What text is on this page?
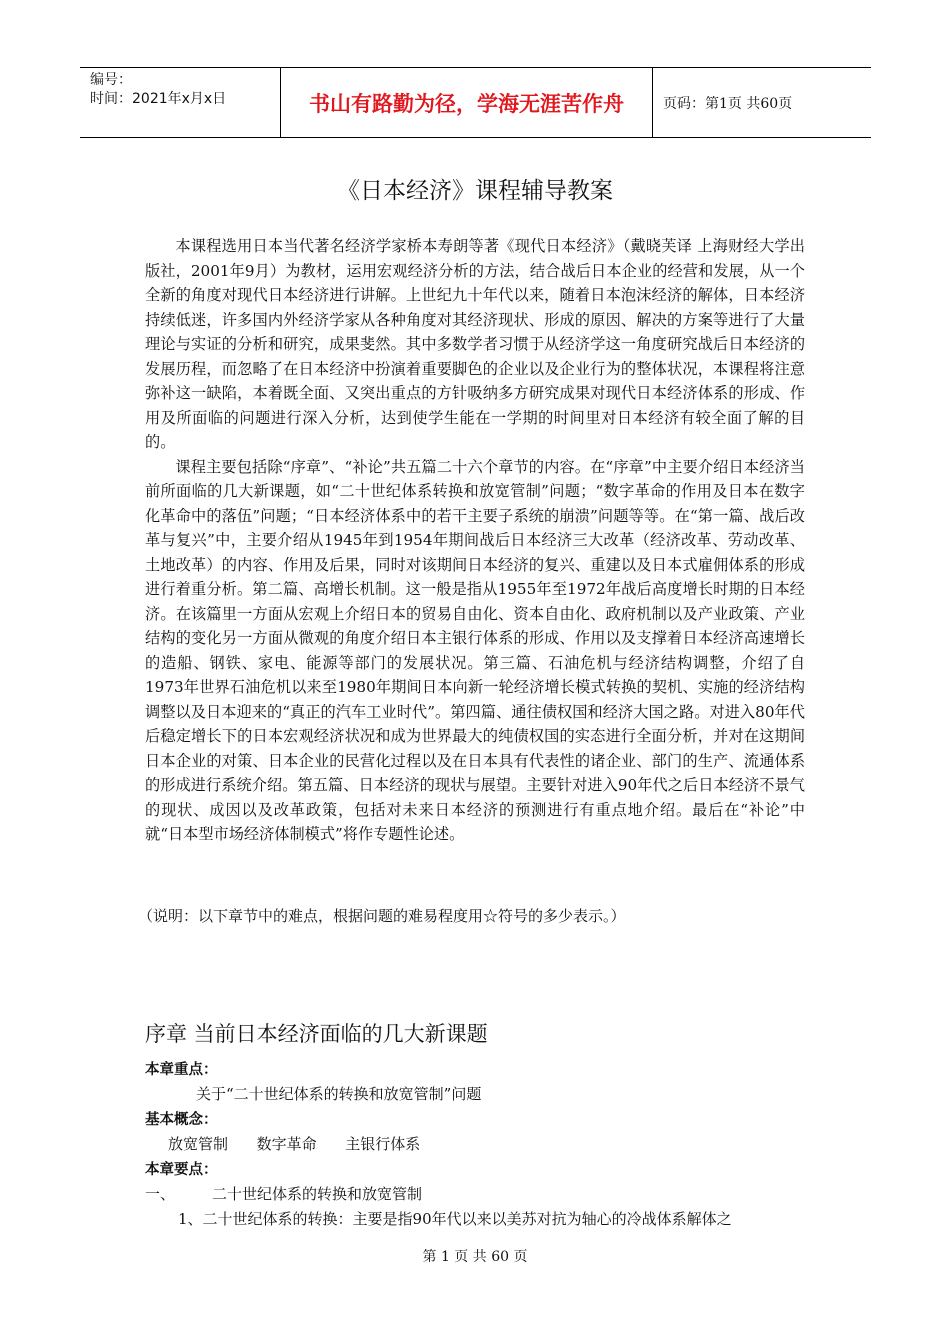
编号：
时间：2021年x月x日	书山有路勤为径，学海无涯苦作舟	页码：第1页 共60页
《日本经济》课程辅导教案

本课程选用日本当代著名经济学家桥本寿朗等著《现代日本经济》（戴晓芙译 上海财经大学出版社，2001年9月）为教材，运用宏观经济分析的方法，结合战后日本企业的经营和发展，从一个全新的角度对现代日本经济进行讲解。上世纪九十年代以来，随着日本泡沫经济的解体，日本经济持续低迷，许多国内外经济学家从各种角度对其经济现状、形成的原因、解决的方案等进行了大量理论与实证的分析和研究，成果斐然。其中多数学者习惯于从经济学这一角度研究战后日本经济的发展历程，而忽略了在日本经济中扮演着重要脚色的企业以及企业行为的整体状况，本课程将注意弥补这一缺陷，本着既全面、又突出重点的方针吸纳多方研究成果对现代日本经济体系的形成、作用及所面临的问题进行深入分析，达到使学生能在一学期的时间里对日本经济有较全面了解的目的。

课程主要包括除“序章”、“补论”共五篇二十六个章节的内容。在“序章”中主要介绍日本经济当前所面临的几大新课题，如“二十世纪体系转换和放宽管制”问题；“数字革命的作用及日本在数字化革命中的落伍”问题；“日本经济体系中的若干主要子系统的崩溃”问题等等。在“第一篇、战后改革与复兴”中，主要介绍从1945年到1954年期间战后日本经济三大改革（经济改革、劳动改革、土地改革）的内容、作用及后果，同时对该期间日本经济的复兴、重建以及日本式雇佣体系的形成进行着重分析。第二篇、高增长机制。这一般是指从1955年至1972年战后高度增长时期的日本经济。在该篇里一方面从宏观上介绍日本的贸易自由化、资本自由化、政府机制以及产业政策、产业结构的变化另一方面从微观的角度介绍日本主银行体系的形成、作用以及支撑着日本经济高速增长的造船、钢铁、家电、能源等部门的发展状况。第三篇、石油危机与经济结构调整，介绍了自1973年世界石油危机以来至1980年期间日本向新一轮经济增长模式转换的契机、实施的经济结构调整以及日本迎来的“真正的汽车工业时代”。第四篇、通往债权国和经济大国之路。对进入80年代后稳定增长下的日本宏观经济状况和成为世界最大的纯债权国的实态进行全面分析，并对在这期间日本企业的对策、日本企业的民营化过程以及在日本具有代表性的诸企业、部门的生产、流通体系的形成进行系统介绍。第五篇、日本经济的现状与展望。主要针对进入90年代之后日本经济不景气的现状、成因以及改革政策，包括对未来日本经济的预测进行有重点地介绍。最后在“补论”中就“日本型市场经济体制模式”将作专题性论述。

（说明：以下章节中的难点，根据问题的难易程度用☆符号的多少表示。）
序章 当前日本经济面临的几大新课题
本章重点：
关于“二十世纪体系的转换和放宽管制”问题
基本概念：
放宽管制      数字革命      主银行体系
本章要点：
一、 二十世纪体系的转换和放宽管制
1、二十世纪体系的转换：主要是指90年代以来以美苏对抗为轴心的冷战体系解体之
第 1 页 共 60 页
